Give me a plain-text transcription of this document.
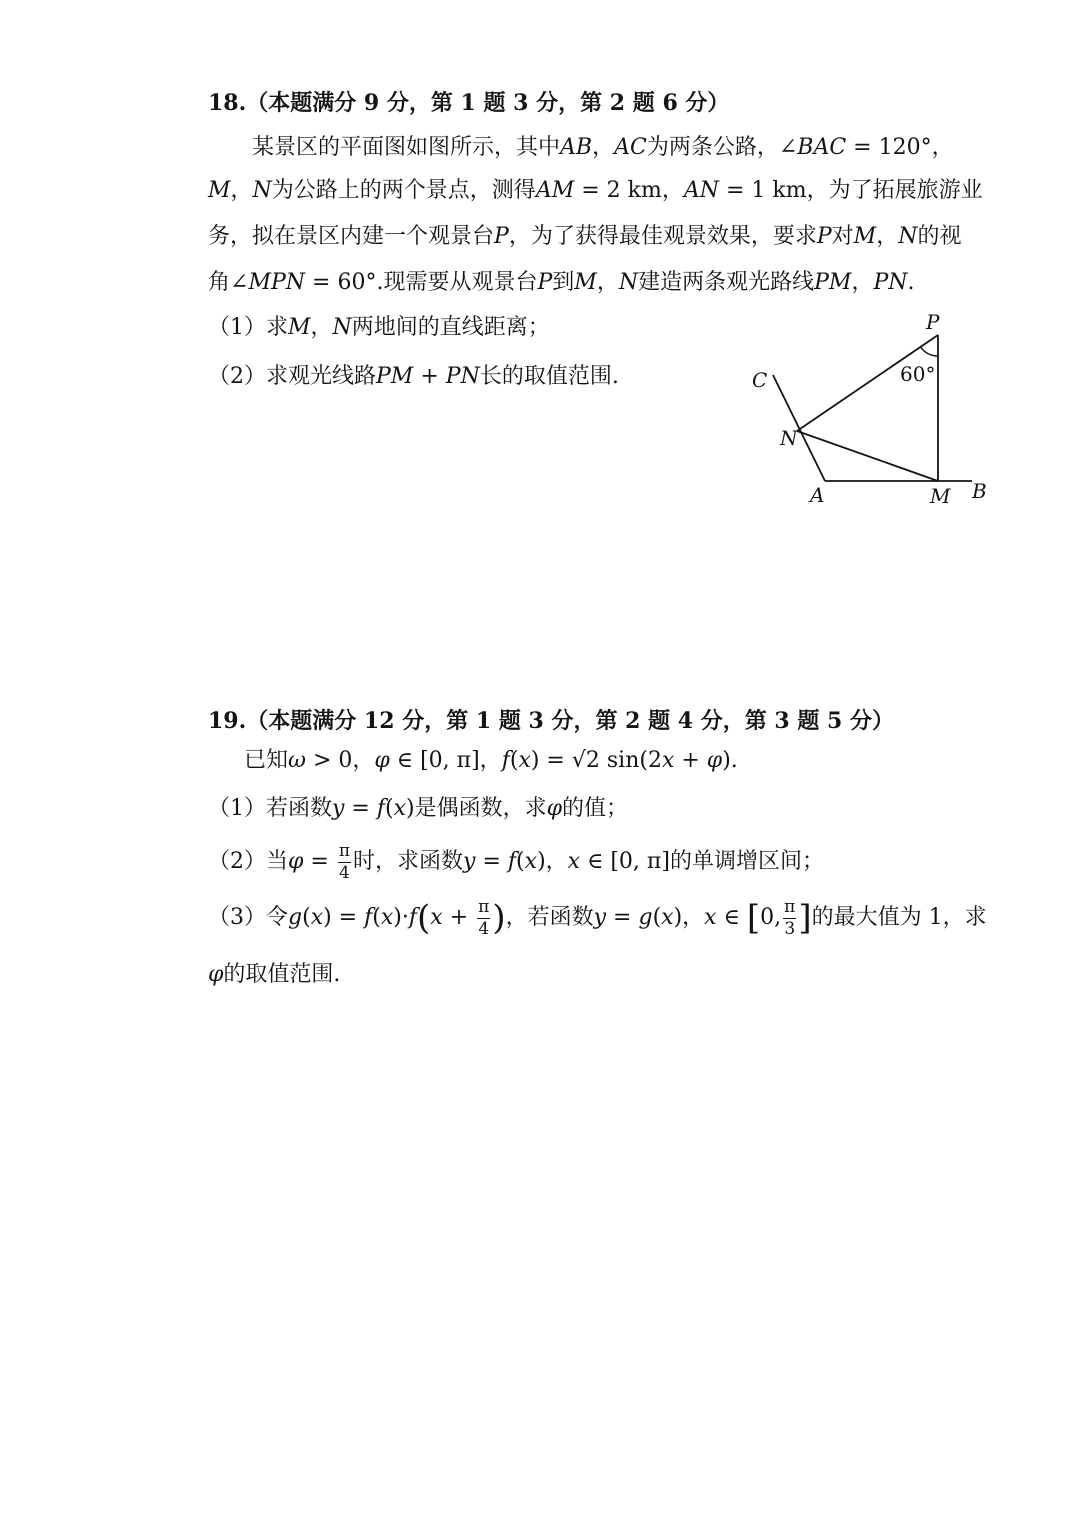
18.（本题满分 9 分，第 1 题 3 分，第 2 题 6 分）
某景区的平面图如图所示，其中AB，AC为两条公路，∠BAC = 120°，
M，N为公路上的两个景点，测得AM = 2 km，AN = 1 km，为了拓展旅游业
务，拟在景区内建一个观景台P，为了获得最佳观景效果，要求P对M，N的视
角∠MPN = 60°.现需要从观景台P到M，N建造两条观光路线PM，PN.
（1）求M，N两地间的直线距离；
（2）求观光线路PM + PN长的取值范围.
P
C
N
A	M B
60°
19.（本题满分 12 分，第 1 题 3 分，第 2 题 4 分，第 3 题 5 分）
已知ω > 0，φ ∈ [0, π]，f(x) = √2 sin(2x + φ).
（1）若函数y = f(x)是偶函数，求φ的值；
（2）当$\varphi = \frac{\pi}{4}$ 时，求函数y = f(x)，x ∈ [0, π]的单调增区间；
（3）令$g(x) = f(x)\cdot f(x + \frac{\pi}{4}$ )，若函数y = g(x)，x ∈ [0, $\frac{\pi}{3}$ ]的最大值为 1，求
φ的取值范围.
